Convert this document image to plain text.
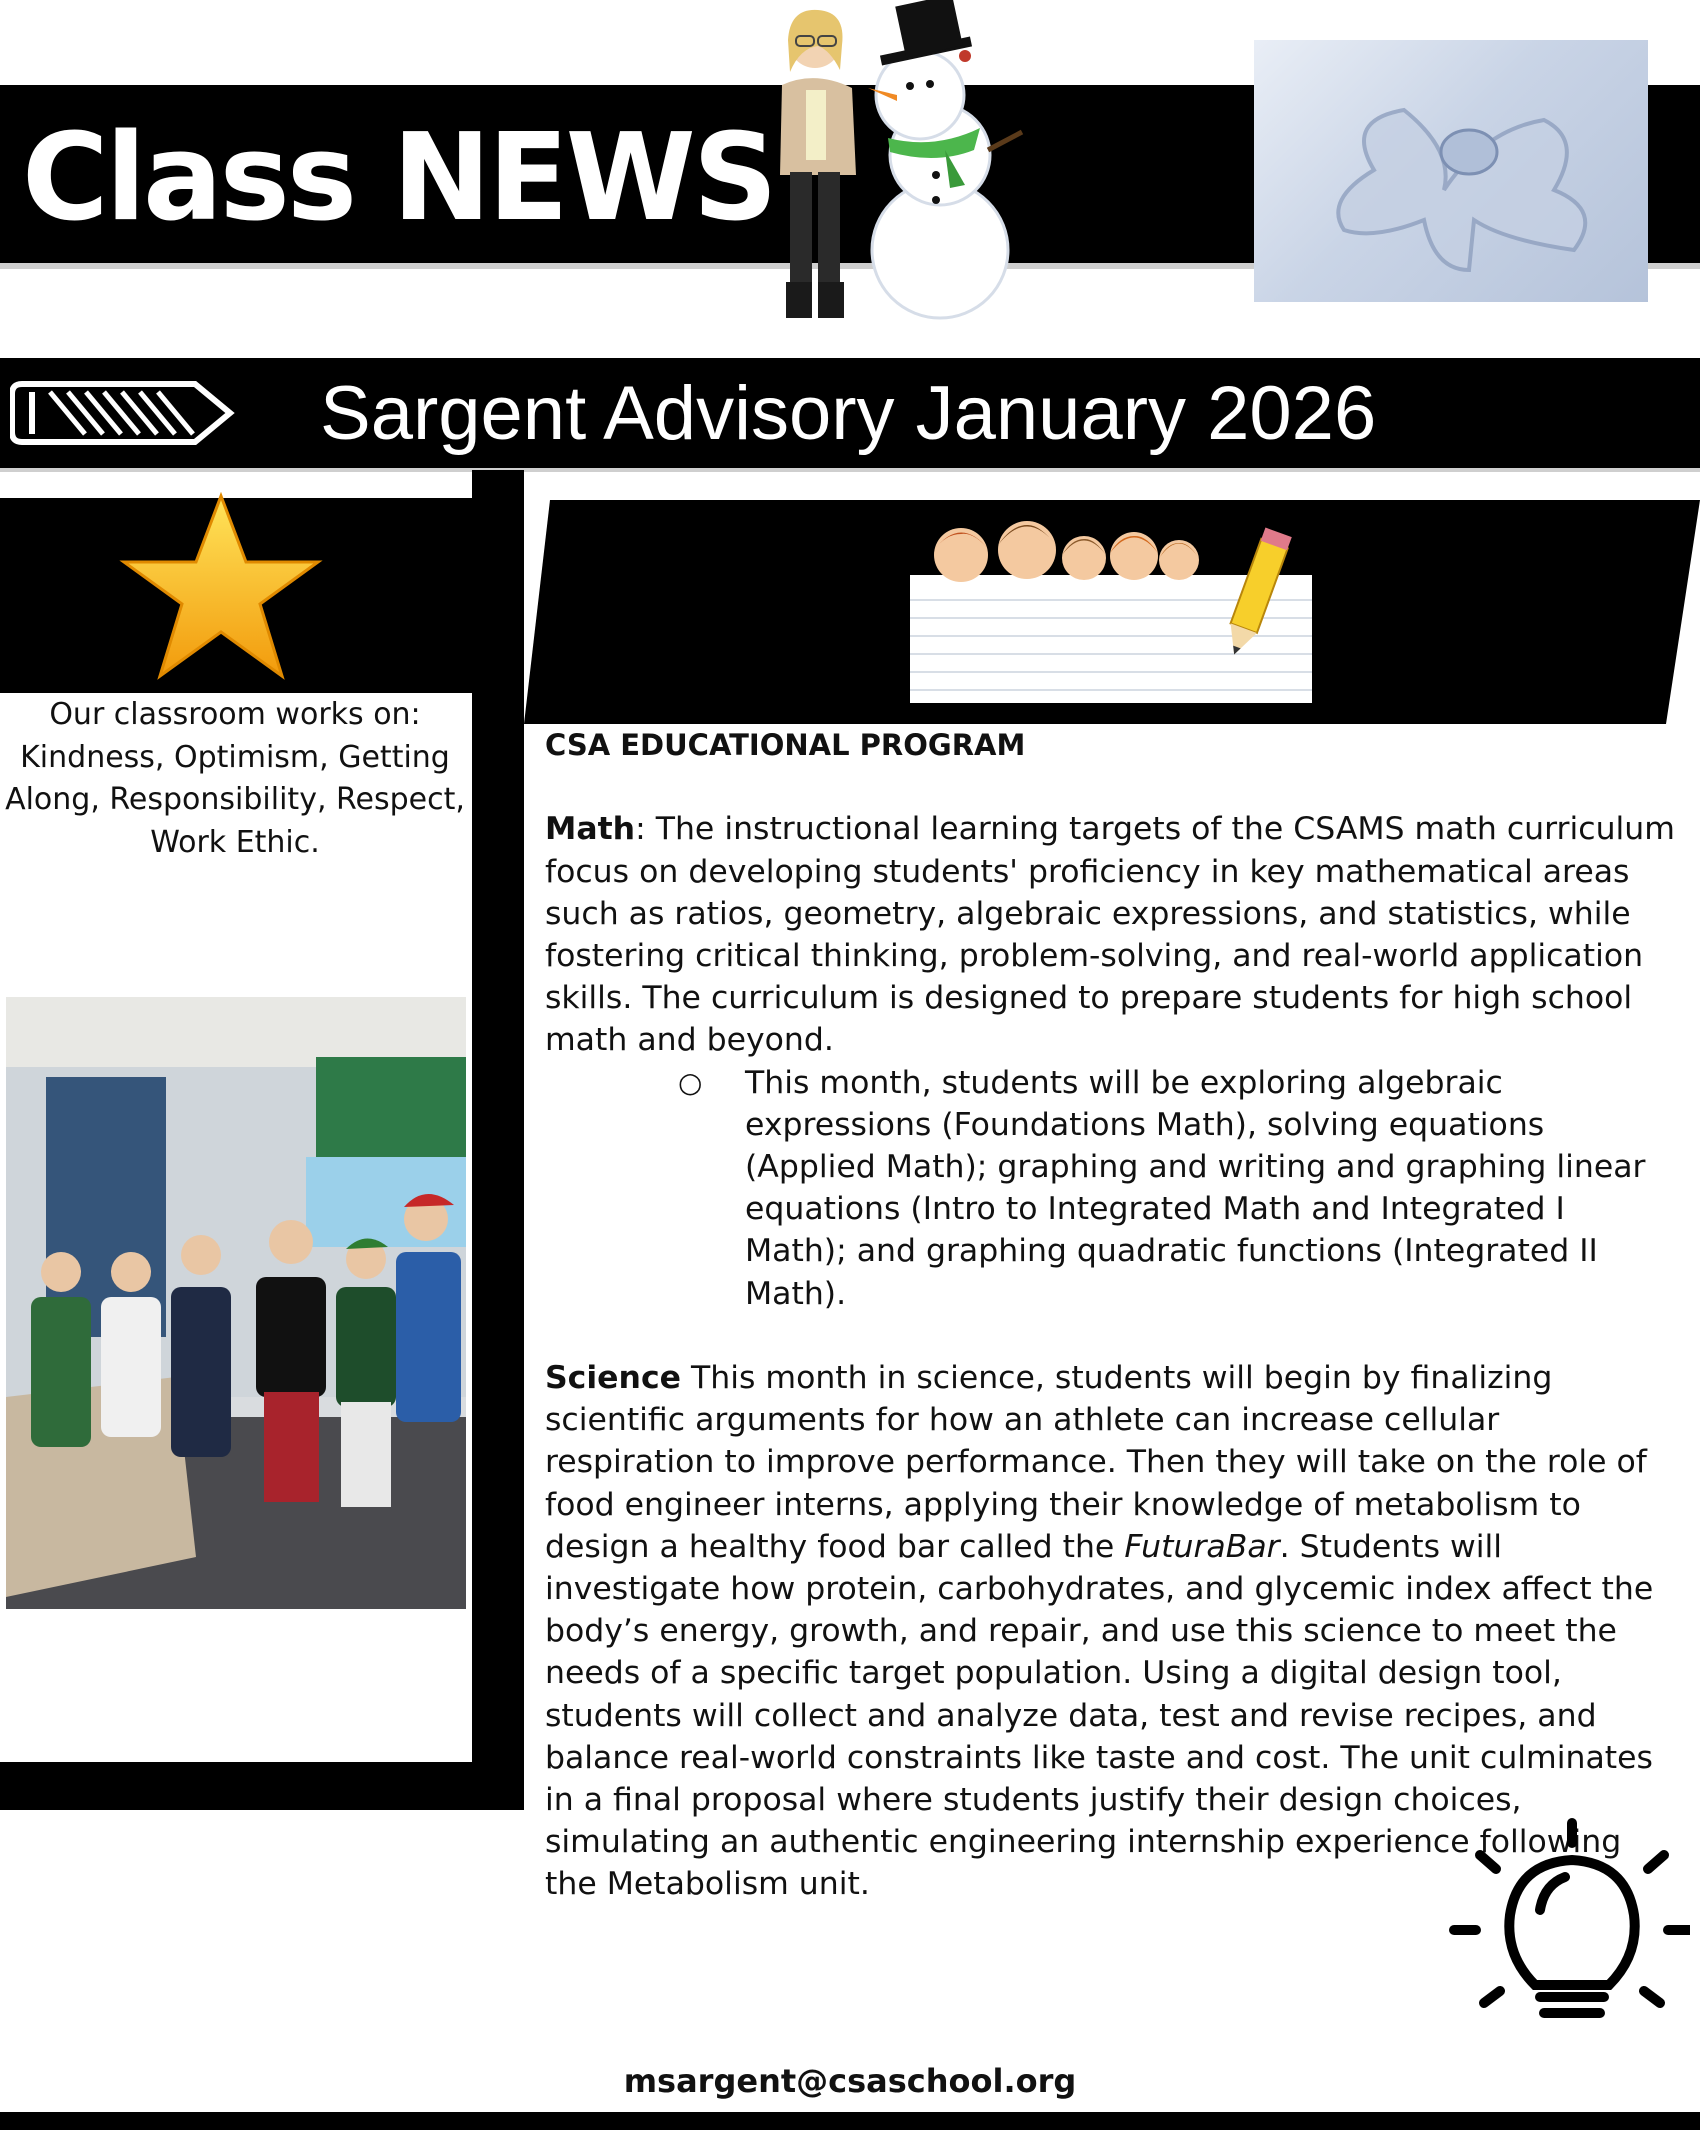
Class NEWS
Sargent Advisory January 2026
Our classroom works on: Kindness, Optimism, Getting Along, Responsibility, Respect, Work Ethic.

CSA EDUCATIONAL PROGRAM

Math: The instructional learning targets of the CSAMS math curriculum focus on developing students' proficiency in key mathematical areas such as ratios, geometry, algebraic expressions, and statistics, while fostering critical thinking, problem-solving, and real-world application skills. The curriculum is designed to prepare students for high school math and beyond.

○ This month, students will be exploring algebraic expressions (Foundations Math), solving equations (Applied Math); graphing and writing and graphing linear equations (Intro to Integrated Math and Integrated I Math); and graphing quadratic functions (Integrated II Math).

Science This month in science, students will begin by finalizing scientific arguments for how an athlete can increase cellular respiration to improve performance. Then they will take on the role of food engineer interns, applying their knowledge of metabolism to design a healthy food bar called the FuturaBar. Students will investigate how protein, carbohydrates, and glycemic index affect the body’s energy, growth, and repair, and use this science to meet the needs of a specific target population. Using a digital design tool, students will collect and analyze data, test and revise recipes, and balance real-world constraints like taste and cost. The unit culminates in a final proposal where students justify their design choices, simulating an authentic engineering internship experience following the Metabolism unit.

msargent@csaschool.org
